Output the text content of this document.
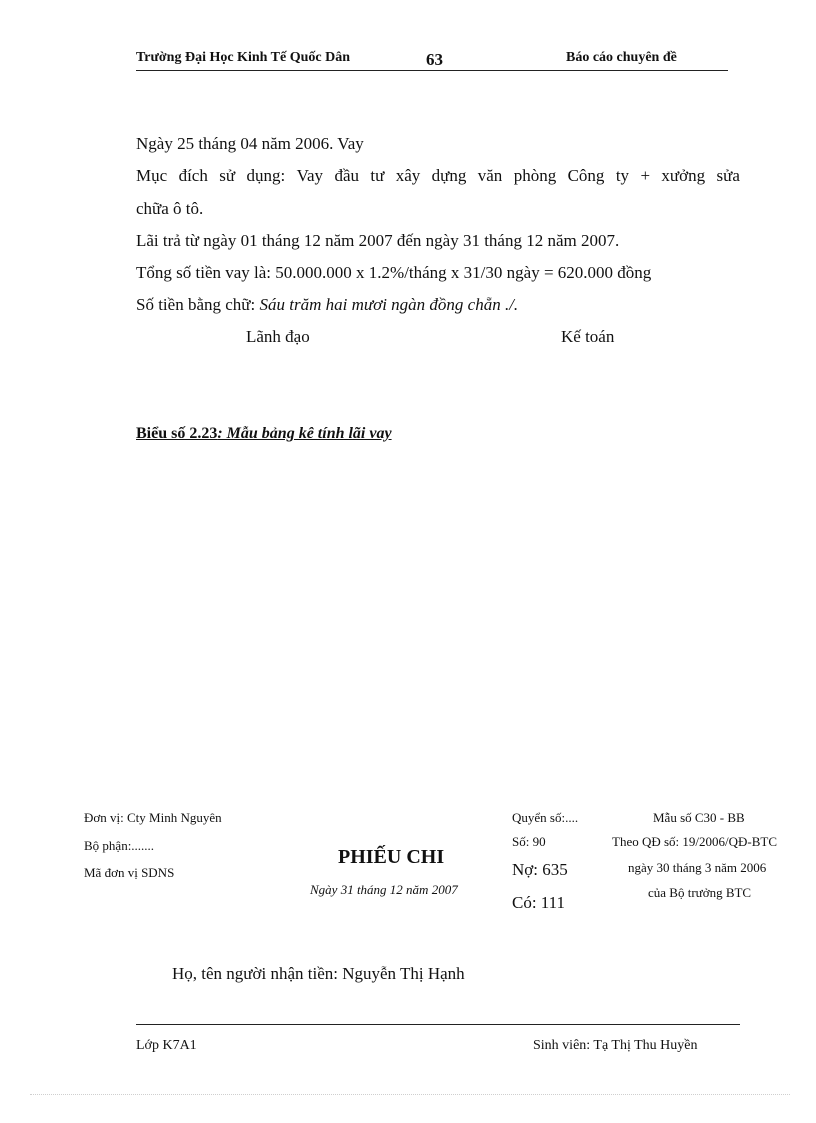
Trường Đại Học Kinh Tế Quốc Dân	63	Báo cáo chuyên đề
Ngày 25 tháng 04 năm 2006. Vay
Mục đích sử dụng: Vay đầu tư xây dựng văn phòng Công ty + xưởng sửa
chữa ô tô.
Lãi trả từ ngày 01 tháng 12 năm 2007 đến ngày 31 tháng 12 năm 2007.
Tổng số tiền vay là: 50.000.000 x 1.2%/tháng x 31/30 ngày = 620.000 đồng
Số tiền bằng chữ: Sáu trăm hai mươi ngàn đồng chẵn ./.
Lãnh đạo	Kế toán
Biểu số 2.23: Mẫu bảng kê tính lãi vay
Đơn vị: Cty Minh Nguyên
Bộ phận:.......
Mã đơn vị SDNS
PHIẾU CHI
Ngày 31 tháng 12 năm 2007
Quyển số:....
Số: 90
Nợ: 635
Có: 111
Mẫu số C30 - BB
Theo QĐ số: 19/2006/QĐ-BTC
ngày 30 tháng 3 năm 2006
của Bộ trưởng BTC
Họ, tên người nhận tiền: Nguyễn Thị Hạnh
Lớp K7A1	Sinh viên: Tạ Thị Thu Huyền
